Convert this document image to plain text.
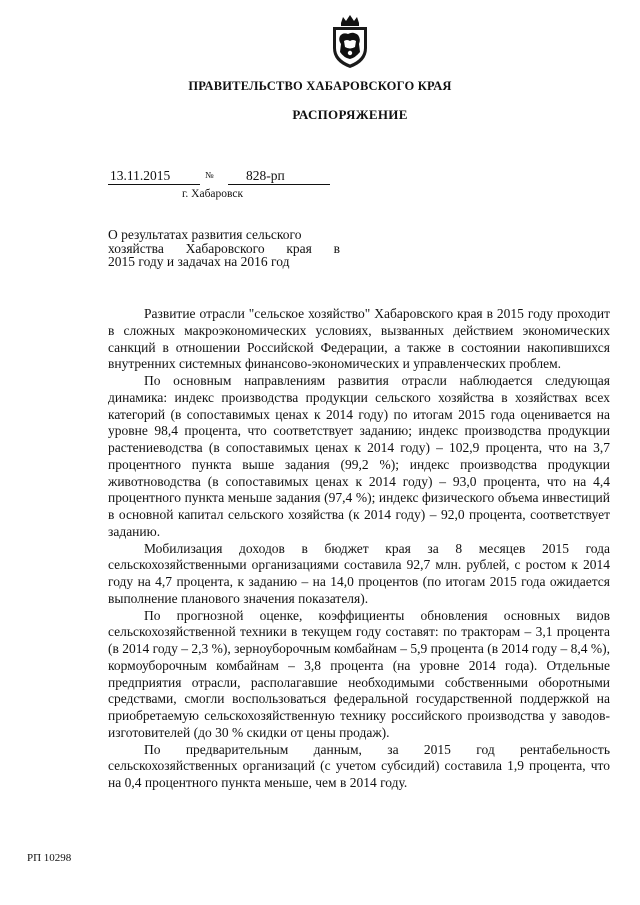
ПРАВИТЕЛЬСТВО ХАБАРОВСКОГО КРАЯ
РАСПОРЯЖЕНИЕ
13.11.2015	№	828-рп
г. Хабаровск
О результатах развития сельского
хозяйства Хабаровского края в
2015 году и задачах на 2016 год

Развитие отрасли "сельское хозяйство" Хабаровского края в 2015 году проходит в сложных макроэкономических условиях, вызванных действием экономических санкций в отношении Российской Федерации, а также в состоянии накопившихся внутренних системных финансово-экономических и управленческих проблем.

По основным направлениям развития отрасли наблюдается следующая динамика: индекс производства продукции сельского хозяйства в хозяйствах всех категорий (в сопоставимых ценах к 2014 году) по итогам 2015 года оценивается на уровне 98,4 процента, что соответствует заданию; индекс производства продукции растениеводства (в сопоставимых ценах к 2014 году) – 102,9 процента, что на 3,7 процентного пункта выше задания (99,2 %); индекс производства продукции животноводства (в сопоставимых ценах к 2014 году) – 93,0 процента, что на 4,4 процентного пункта меньше задания (97,4 %); индекс физического объема инвестиций в основной капитал сельского хозяйства (к 2014 году) – 92,0 процента, соответствует заданию.

Мобилизация доходов в бюджет края за 8 месяцев 2015 года сельскохозяйственными организациями составила 92,7 млн. рублей, с ростом к 2014 году на 4,7 процента, к заданию – на 14,0 процентов (по итогам 2015 года ожидается выполнение планового значения показателя).

По прогнозной оценке, коэффициенты обновления основных видов сельскохозяйственной техники в текущем году составят: по тракторам – 3,1 процента (в 2014 году – 2,3 %), зерноуборочным комбайнам – 5,9 процента (в 2014 году – 8,4 %), кормоуборочным комбайнам – 3,8 процента (на уровне 2014 года). Отдельные предприятия отрасли, располагавшие необходимыми собственными оборотными средствами, смогли воспользоваться федеральной государственной поддержкой на приобретаемую сельскохозяйственную технику российского производства у заводов-изготовителей (до 30 % скидки от цены продаж).

По предварительным данным, за 2015 год рентабельность сельскохозяйственных организаций (с учетом субсидий) составила 1,9 процента, что на 0,4 процентного пункта меньше, чем в 2014 году.

РП 10298
